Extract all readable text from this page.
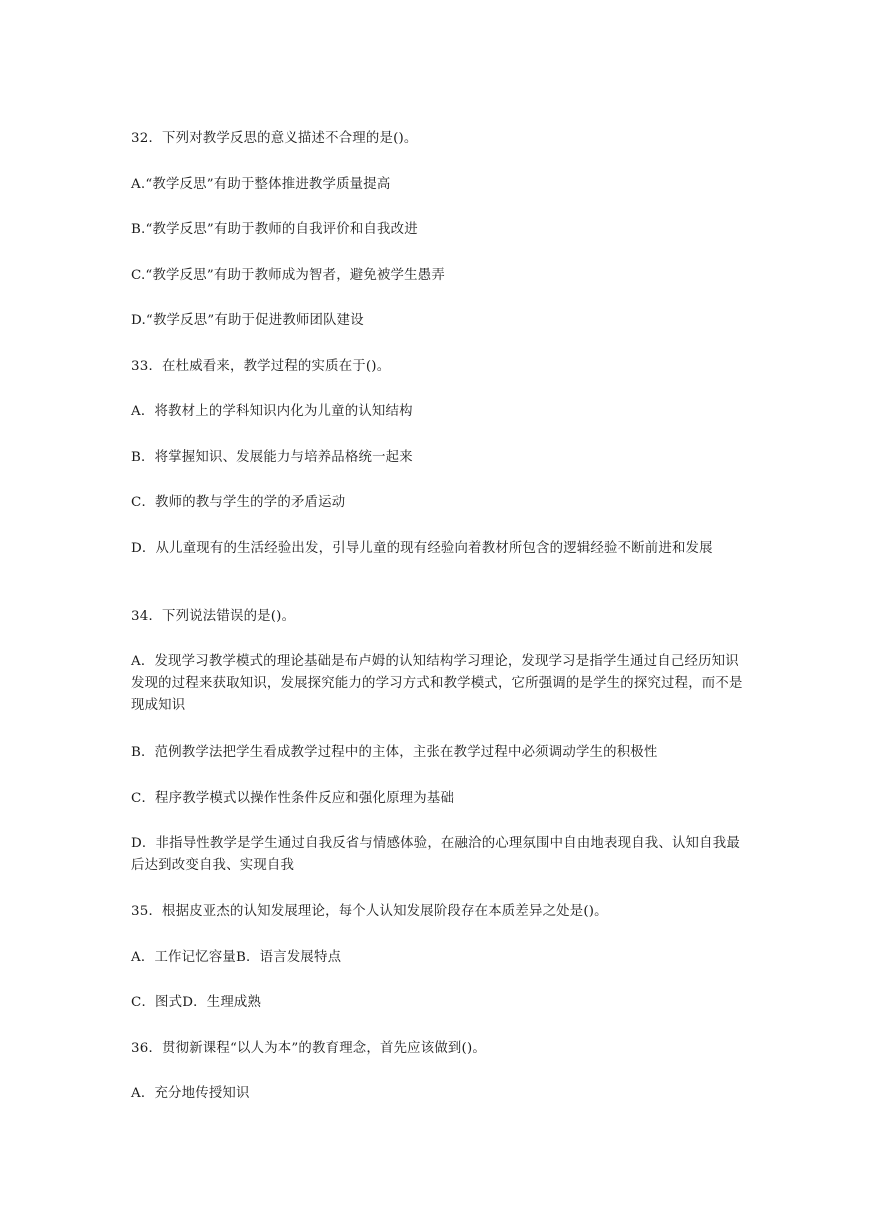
32．下列对教学反思的意义描述不合理的是()。
A.“教学反思”有助于整体推进教学质量提高
B.“教学反思”有助于教师的自我评价和自我改进
C.“教学反思”有助于教师成为智者，避免被学生愚弄
D.“教学反思”有助于促进教师团队建设
33．在杜威看来，教学过程的实质在于()。
A．将教材上的学科知识内化为儿童的认知结构
B．将掌握知识、发展能力与培养品格统一起来
C．教师的教与学生的学的矛盾运动
D．从儿童现有的生活经验出发，引导儿童的现有经验向着教材所包含的逻辑经验不断前进和发展
34．下列说法错误的是()。
A．发现学习教学模式的理论基础是布卢姆的认知结构学习理论，发现学习是指学生通过自己经历知识发现的过程来获取知识，发展探究能力的学习方式和教学模式，它所强调的是学生的探究过程，而不是现成知识
B．范例教学法把学生看成教学过程中的主体，主张在教学过程中必须调动学生的积极性
C．程序教学模式以操作性条件反应和强化原理为基础
D．非指导性教学是学生通过自我反省与情感体验，在融洽的心理氛围中自由地表现自我、认知自我最后达到改变自我、实现自我
35．根据皮亚杰的认知发展理论，每个人认知发展阶段存在本质差异之处是()。
A．工作记忆容量B．语言发展特点
C．图式D．生理成熟
36．贯彻新课程“以人为本”的教育理念，首先应该做到()。
A．充分地传授知识
